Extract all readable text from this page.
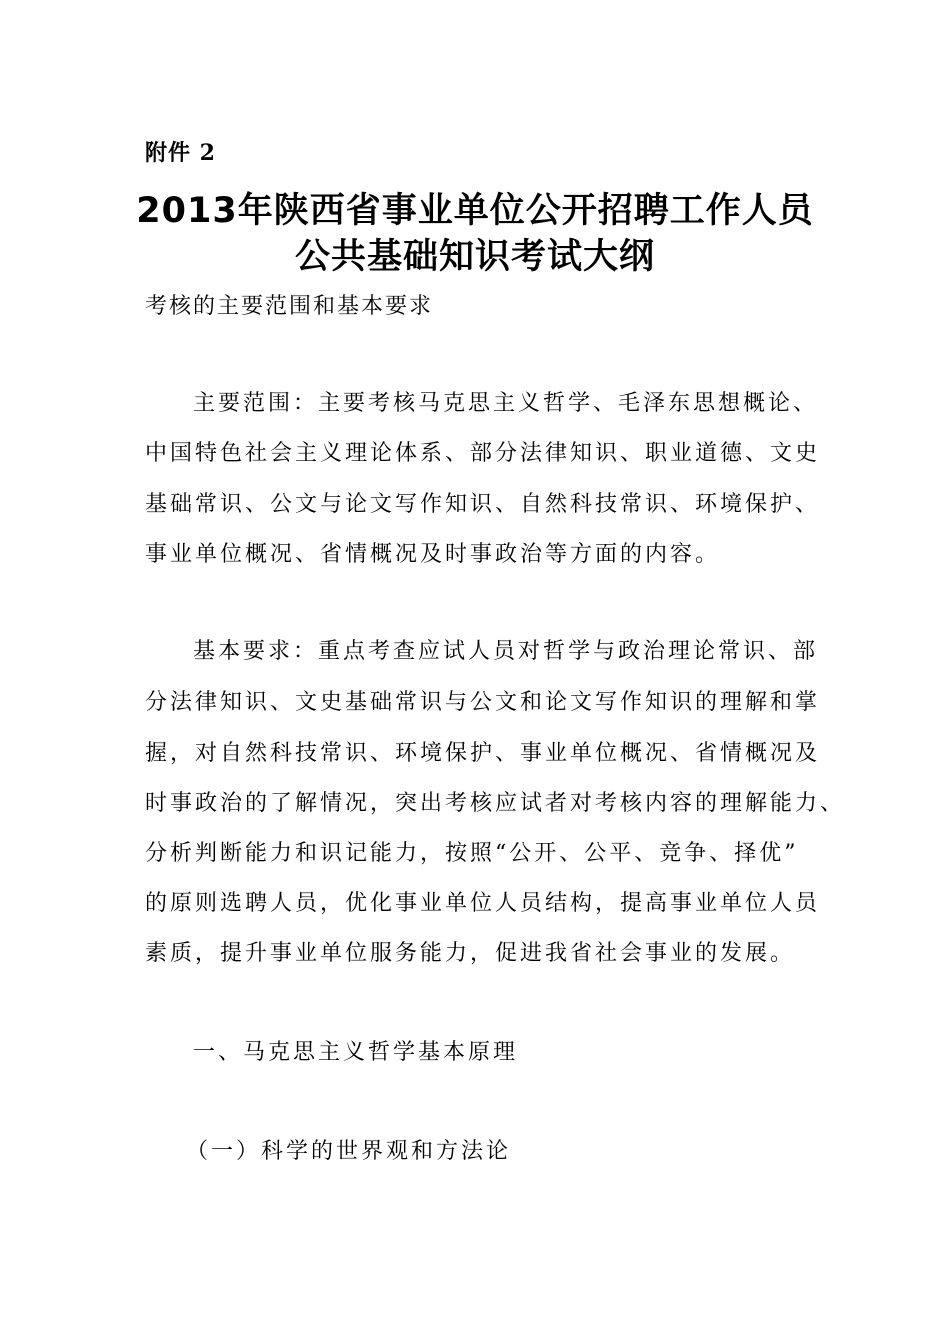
附件 2
2013年陕西省事业单位公开招聘工作人员
公共基础知识考试大纲
考核的主要范围和基本要求
主要范围：主要考核马克思主义哲学、毛泽东思想概论、
中国特色社会主义理论体系、部分法律知识、职业道德、文史
基础常识、公文与论文写作知识、自然科技常识、环境保护、
事业单位概况、省情概况及时事政治等方面的内容。
基本要求：重点考查应试人员对哲学与政治理论常识、部
分法律知识、文史基础常识与公文和论文写作知识的理解和掌
握，对自然科技常识、环境保护、事业单位概况、省情概况及
时事政治的了解情况，突出考核应试者对考核内容的理解能力、
分析判断能力和识记能力，按照“公开、公平、竞争、择优”
的原则选聘人员，优化事业单位人员结构，提高事业单位人员
素质，提升事业单位服务能力，促进我省社会事业的发展。
一、马克思主义哲学基本原理
（一）科学的世界观和方法论
